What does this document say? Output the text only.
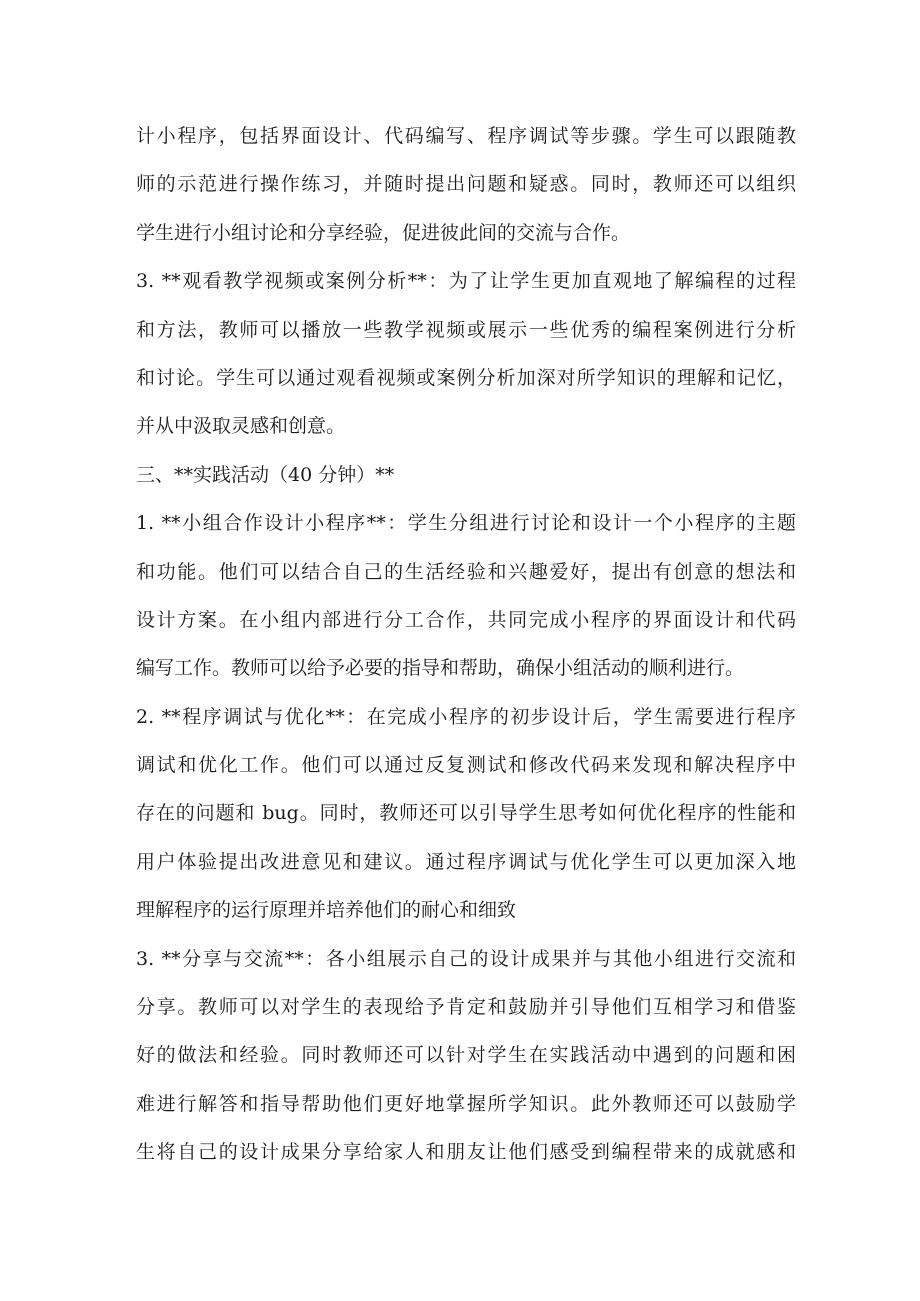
计小程序，包括界面设计、代码编写、程序调试等步骤。学生可以跟随教
师的示范进行操作练习，并随时提出问题和疑惑。同时，教师还可以组织
学生进行小组讨论和分享经验，促进彼此间的交流与合作。
3. **观看教学视频或案例分析**：为了让学生更加直观地了解编程的过程
和方法，教师可以播放一些教学视频或展示一些优秀的编程案例进行分析
和讨论。学生可以通过观看视频或案例分析加深对所学知识的理解和记忆，
并从中汲取灵感和创意。
三、**实践活动（40 分钟）**
1. **小组合作设计小程序**：学生分组进行讨论和设计一个小程序的主题
和功能。他们可以结合自己的生活经验和兴趣爱好，提出有创意的想法和
设计方案。在小组内部进行分工合作，共同完成小程序的界面设计和代码
编写工作。教师可以给予必要的指导和帮助，确保小组活动的顺利进行。
2. **程序调试与优化**：在完成小程序的初步设计后，学生需要进行程序
调试和优化工作。他们可以通过反复测试和修改代码来发现和解决程序中
存在的问题和 bug。同时，教师还可以引导学生思考如何优化程序的性能和
用户体验提出改进意见和建议。通过程序调试与优化学生可以更加深入地
理解程序的运行原理并培养他们的耐心和细致
3. **分享与交流**：各小组展示自己的设计成果并与其他小组进行交流和
分享。教师可以对学生的表现给予肯定和鼓励并引导他们互相学习和借鉴
好的做法和经验。同时教师还可以针对学生在实践活动中遇到的问题和困
难进行解答和指导帮助他们更好地掌握所学知识。此外教师还可以鼓励学
生将自己的设计成果分享给家人和朋友让他们感受到编程带来的成就感和
